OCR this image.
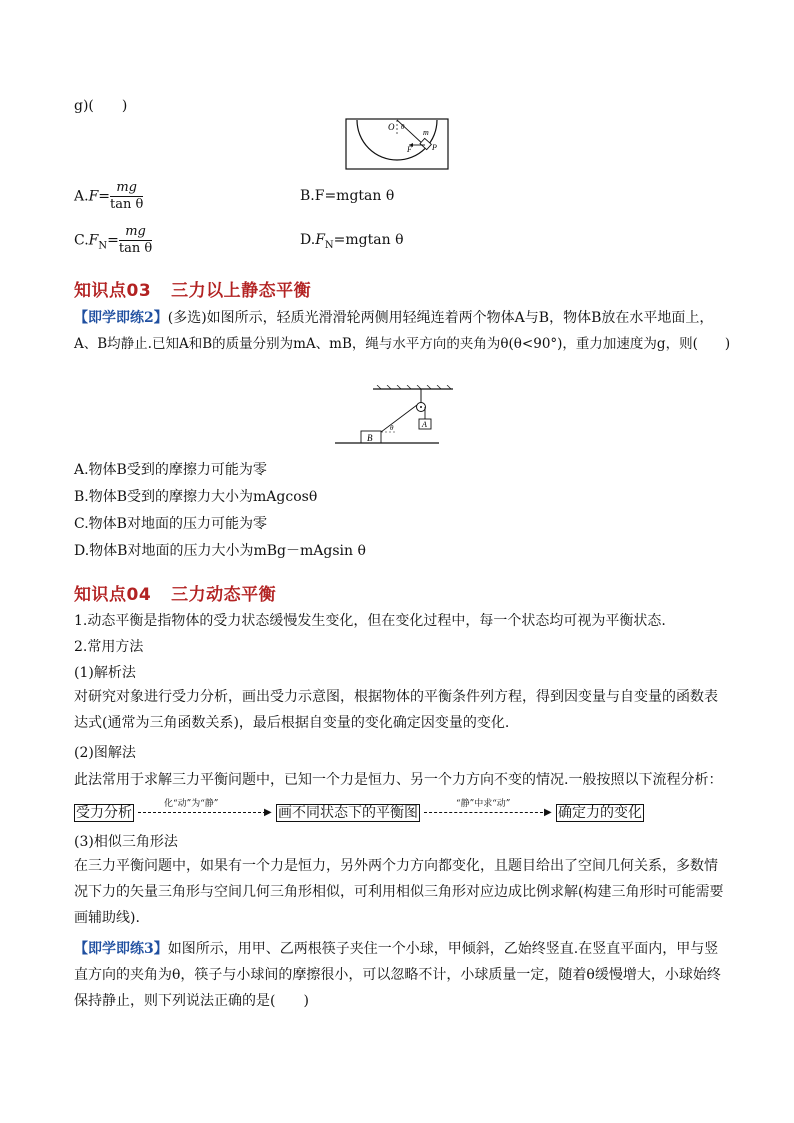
g)(　　)
O θ
m
F	P
$A.F= \frac{mg}{\text{tan θ}}$	B.F=mgtan θ
$C.F_N= \frac{mg}{\text{tan θ}}$	$D.F_N=mgtan$ θ
知识点03 三力以上静态平衡
【即学即练2】(多选)如图所示，轻质光滑滑轮两侧用轻绳连着两个物体A与B，物体B放在水平地面上，
A、B均静止.已知A和B的质量分别为mA、mB，绳与水平方向的夹角为θ(θ<90°)，重力加速度为g，则(　　)
B
θ	A
A.物体B受到的摩擦力可能为零
B.物体B受到的摩擦力大小为mAgcosθ
C.物体B对地面的压力可能为零
D.物体B对地面的压力大小为mBg－mAgsin θ
知识点04 三力动态平衡
1.动态平衡是指物体的受力状态缓慢发生变化，但在变化过程中，每一个状态均可视为平衡状态.
2.常用方法
(1)解析法
对研究对象进行受力分析，画出受力示意图，根据物体的平衡条件列方程，得到因变量与自变量的函数表达式(通常为三角函数关系)，最后根据自变量的变化确定因变量的变化.
(2)图解法
此法常用于求解三力平衡问题中，已知一个力是恒力、另一个力方向不变的情况.一般按照以下流程分析：
受力分析
化“动”为“静”
▶ 画不同状态下的平衡图
“静”中求“动”
▶ 确定力的变化
(3)相似三角形法
在三力平衡问题中，如果有一个力是恒力，另外两个力方向都变化，且题目给出了空间几何关系，多数情况下力的矢量三角形与空间几何三角形相似，可利用相似三角形对应边成比例求解(构建三角形时可能需要画辅助线).
【即学即练3】如图所示，用甲、乙两根筷子夹住一个小球，甲倾斜，乙始终竖直.在竖直平面内，甲与竖直方向的夹角为θ，筷子与小球间的摩擦很小，可以忽略不计，小球质量一定，随着θ缓慢增大，小球始终保持静止，则下列说法正确的是(　　)
